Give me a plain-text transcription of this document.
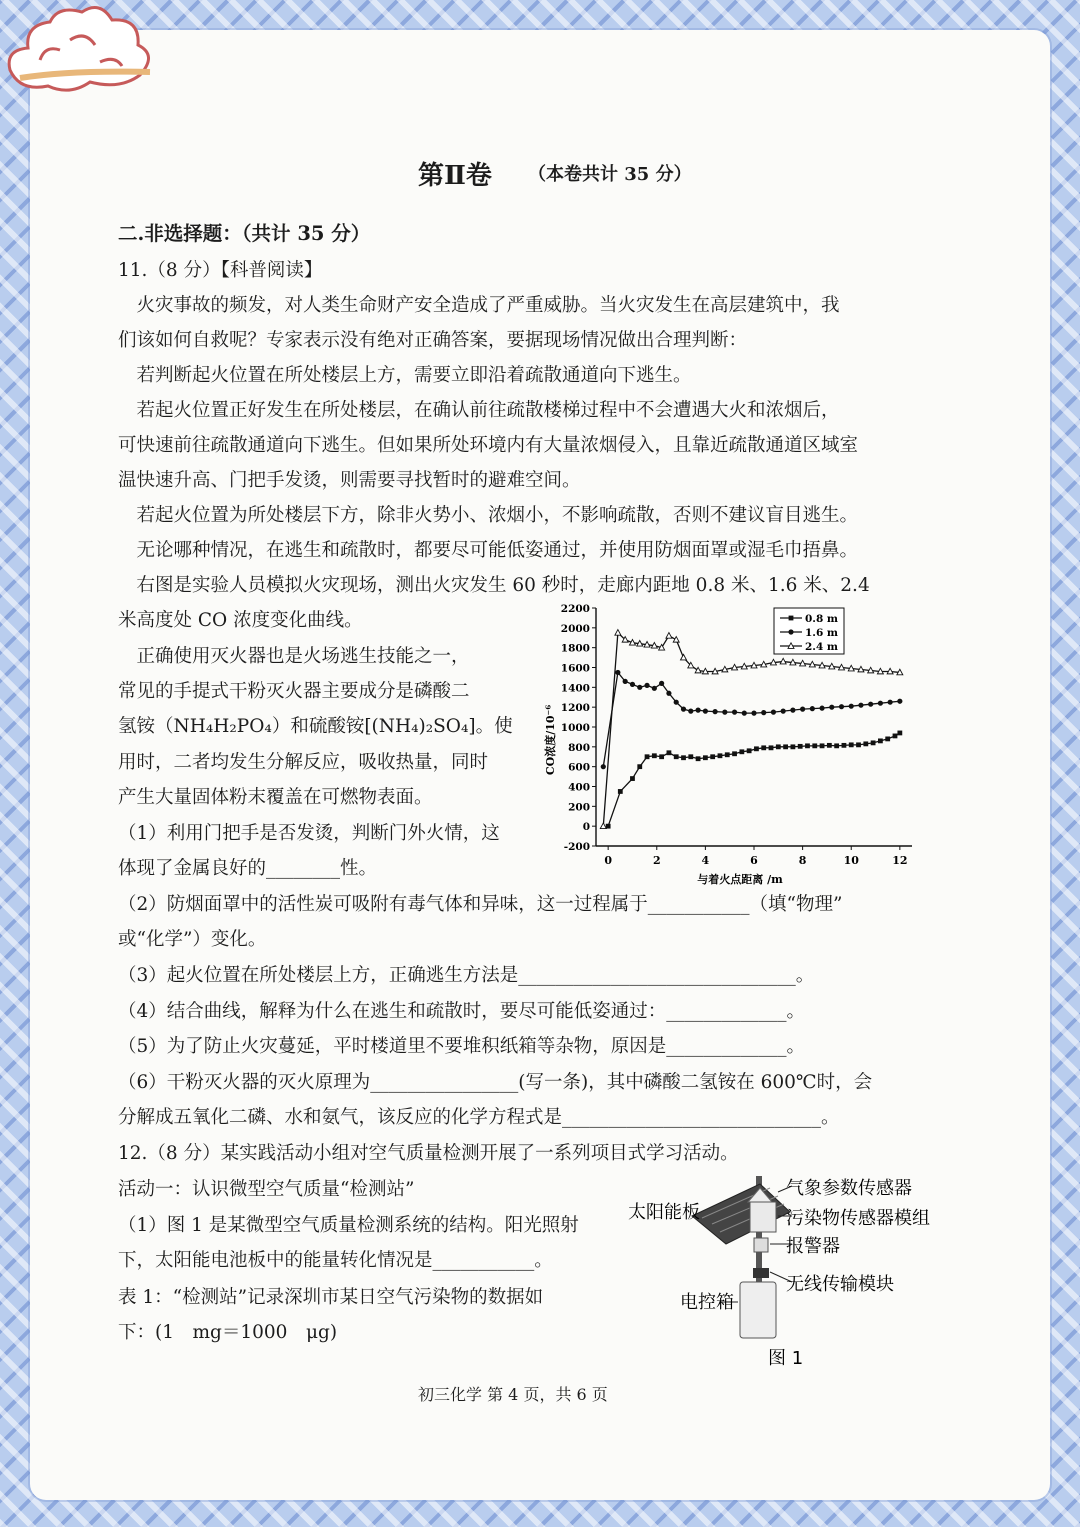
第Ⅱ卷 （本卷共计 35 分）
二.非选择题：（共计 35 分）
11.（8 分）【科普阅读】
　火灾事故的频发，对人类生命财产安全造成了严重威胁。当火灾发生在高层建筑中，我
们该如何自救呢？专家表示没有绝对正确答案，要据现场情况做出合理判断：
　若判断起火位置在所处楼层上方，需要立即沿着疏散通道向下逃生。
　若起火位置正好发生在所处楼层，在确认前往疏散楼梯过程中不会遭遇大火和浓烟后，
可快速前往疏散通道向下逃生。但如果所处环境内有大量浓烟侵入，且靠近疏散通道区域室
温快速升高、门把手发烫，则需要寻找暂时的避难空间。
　若起火位置为所处楼层下方，除非火势小、浓烟小，不影响疏散，否则不建议盲目逃生。
　无论哪种情况，在逃生和疏散时，都要尽可能低姿通过，并使用防烟面罩或湿毛巾捂鼻。
　右图是实验人员模拟火灾现场，测出火灾发生 60 秒时，走廊内距地 0.8 米、1.6 米、2.4
米高度处 CO 浓度变化曲线。
　正确使用灭火器也是火场逃生技能之一，
常见的手提式干粉灭火器主要成分是磷酸二
氢铵（NH₄H₂PO₄）和硫酸铵[(NH₄)₂SO₄]。使
用时，二者均发生分解反应，吸收热量，同时
产生大量固体粉末覆盖在可燃物表面。
（1）利用门把手是否发烫，判断门外火情，这
体现了金属良好的________性。
（2）防烟面罩中的活性炭可吸附有毒气体和异味，这一过程属于___________（填“物理”
或“化学”）变化。
（3）起火位置在所处楼层上方，正确逃生方法是______________________________。
（4）结合曲线，解释为什么在逃生和疏散时，要尽可能低姿通过：_____________。
（5）为了防止火灾蔓延，平时楼道里不要堆积纸箱等杂物，原因是_____________。
（6）干粉灭火器的灭火原理为________________(写一条)，其中磷酸二氢铵在 600℃时，会
分解成五氧化二磷、水和氨气，该反应的化学方程式是____________________________。
12.（8 分）某实践活动小组对空气质量检测开展了一系列项目式学习活动。
活动一：认识微型空气质量“检测站”
（1）图 1 是某微型空气质量检测系统的结构。阳光照射
下，太阳能电池板中的能量转化情况是___________。
表 1：“检测站”记录深圳市某日空气污染物的数据如
下：(1　mg＝1000　μg)
-200
0
200
400
600
800
1000
1200
1400
1600
1800
2000
2200
0	2	4	6	8	10	12
0.8 m
1.6 m
2.4 m
CO浓度/10⁻⁶
与着火点距离 /m
太阳能板
气象参数传感器
污染物传感器模组
报警器
无线传输模块
电控箱
图 1
初三化学 第 4 页，共 6 页
